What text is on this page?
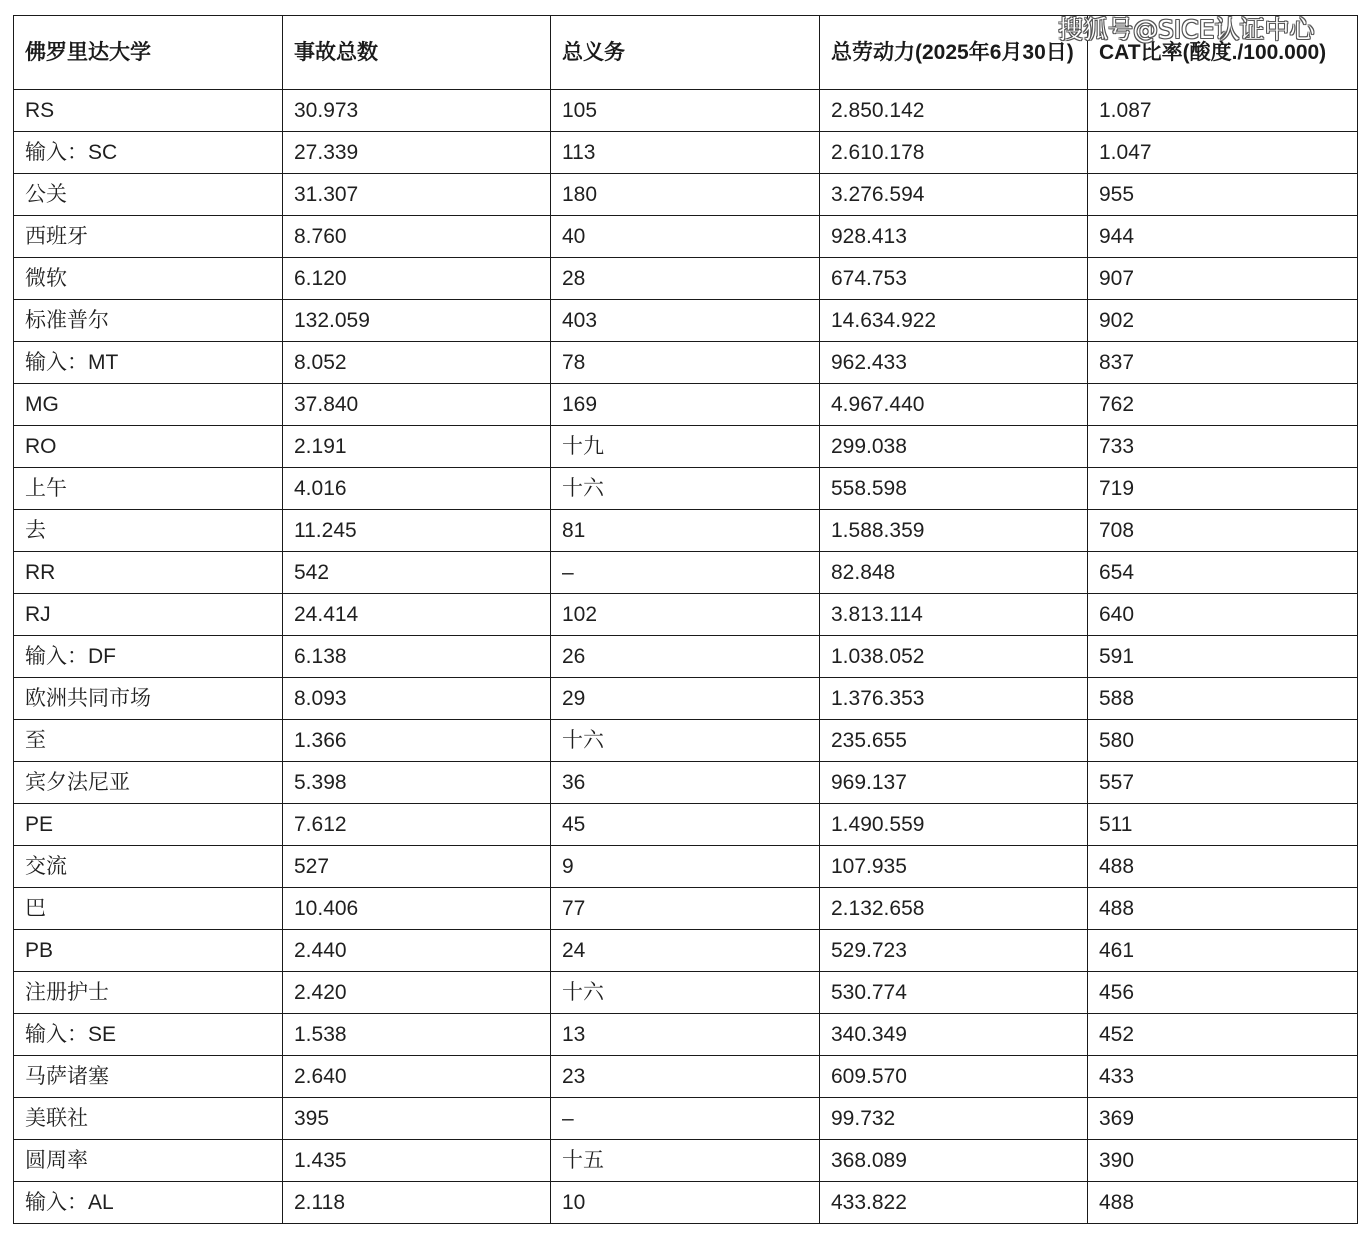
佛罗里达大学	事故总数	总义务	总劳动力(2025年6月30日)	CAT比率(酸度./100.000)
RS	30.973	105	2.850.142	1.087
输入：SC	27.339	113	2.610.178	1.047
公关	31.307	180	3.276.594	955
西班牙	8.760	40	928.413	944
微软	6.120	28	674.753	907
标准普尔	132.059	403	14.634.922	902
输入：MT	8.052	78	962.433	837
MG	37.840	169	4.967.440	762
RO	2.191	十九	299.038	733
上午	4.016	十六	558.598	719
去	11.245	81	1.588.359	708
RR	542	–	82.848	654
RJ	24.414	102	3.813.114	640
输入：DF	6.138	26	1.038.052	591
欧洲共同市场	8.093	29	1.376.353	588
至	1.366	十六	235.655	580
宾夕法尼亚	5.398	36	969.137	557
PE	7.612	45	1.490.559	511
交流	527	9	107.935	488
巴	10.406	77	2.132.658	488
PB	2.440	24	529.723	461
注册护士	2.420	十六	530.774	456
输入：SE	1.538	13	340.349	452
马萨诸塞	2.640	23	609.570	433
美联社	395	–	99.732	369
圆周率	1.435	十五	368.089	390
输入：AL	2.118	10	433.822	488
搜狐号@SICE认证中心
